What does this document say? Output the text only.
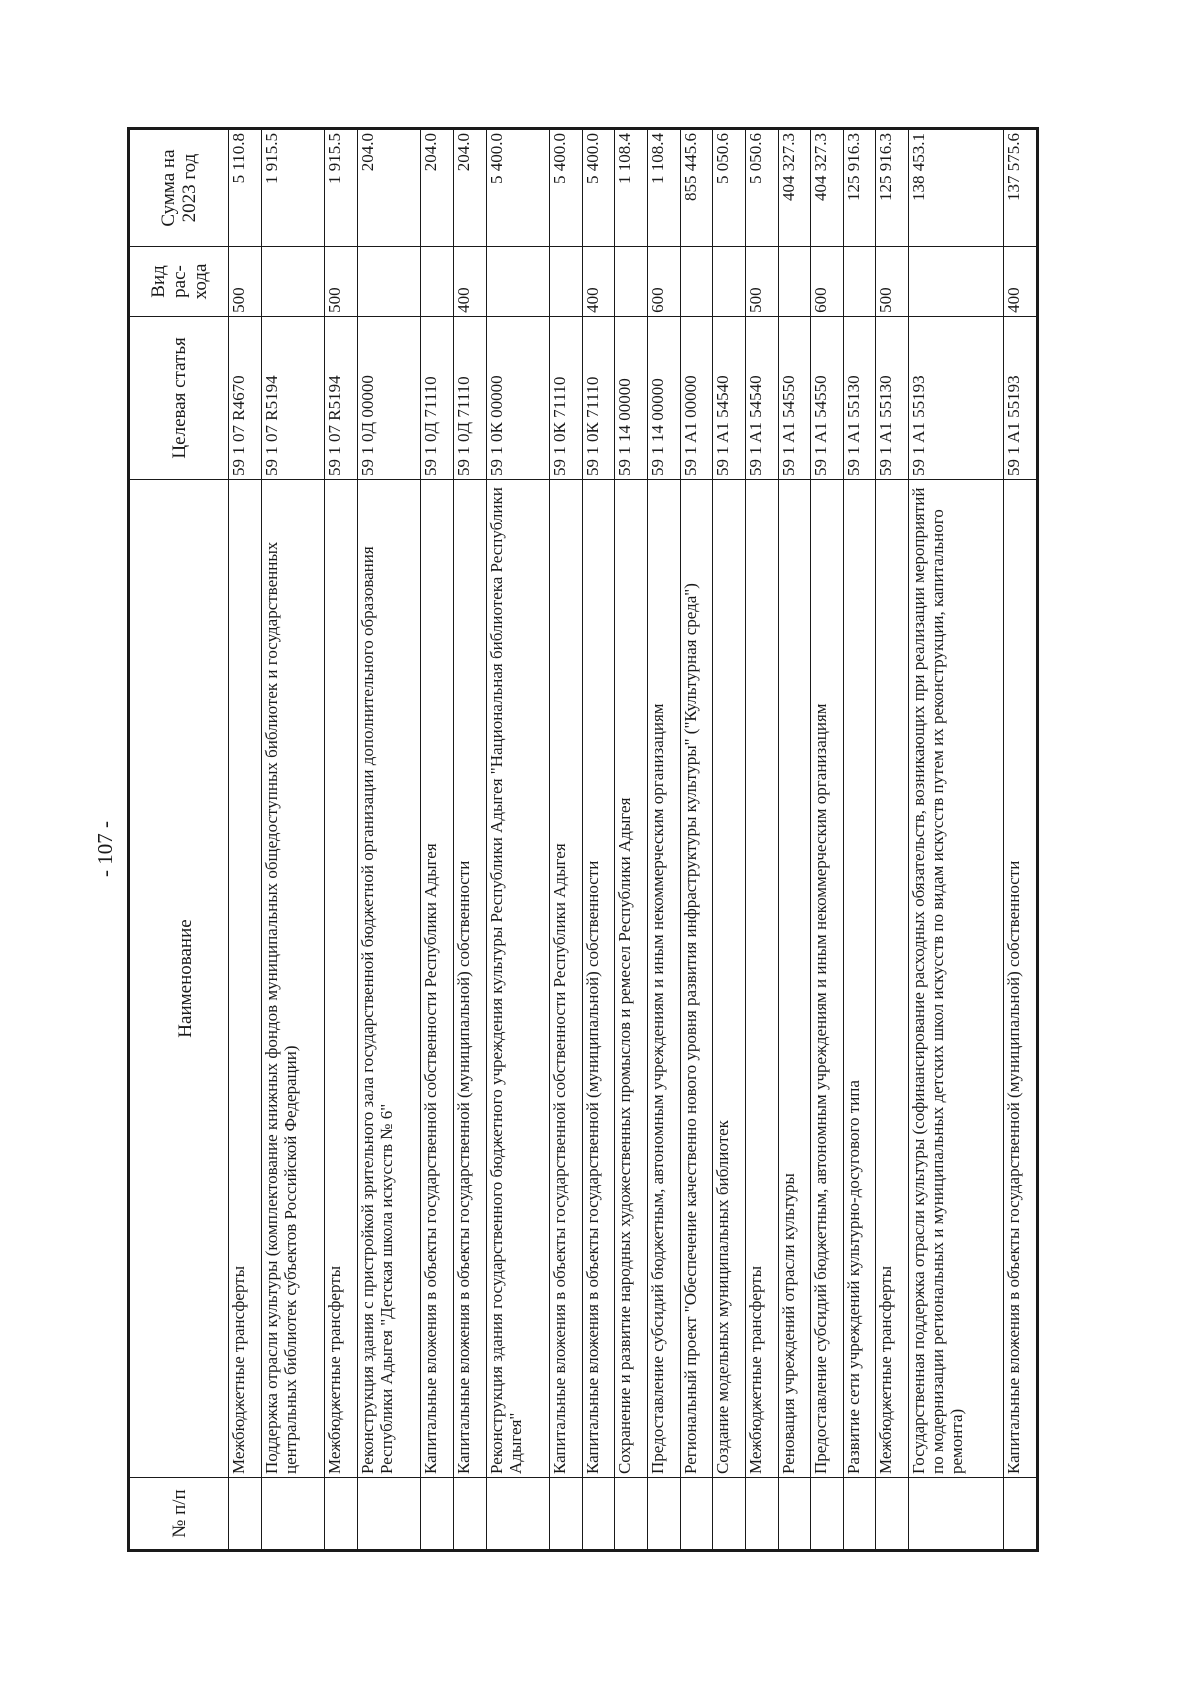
- 107 -
№ п/п	Наименование	Целевая статья	Вид рас-хода	Сумма на 2023 год
	Межбюджетные трансферты	59 1 07 R4670	500	5 110.8
	Поддержка отрасли культуры (комплектование книжных фондов муниципальных общедоступных библиотек и государственных центральных библиотек субъектов Российской Федерации)	59 1 07 R5194		1 915.5
	Межбюджетные трансферты	59 1 07 R5194	500	1 915.5
	Реконструкция здания с пристройкой зрительного зала государственной бюджетной организации дополнительного образования Республики Адыгея "Детская школа искусств № 6"	59 1 0Д 00000		204.0
	Капитальные вложения в объекты государственной собственности Республики Адыгея	59 1 0Д 71110		204.0
	Капитальные вложения в объекты государственной (муниципальной) собственности	59 1 0Д 71110	400	204.0
	Реконструкция здания государственного бюджетного учреждения культуры Республики Адыгея "Национальная библиотека Республики Адыгея"	59 1 0К 00000		5 400.0
	Капитальные вложения в объекты государственной собственности Республики Адыгея	59 1 0К 71110		5 400.0
	Капитальные вложения в объекты государственной (муниципальной) собственности	59 1 0К 71110	400	5 400.0
	Сохранение и развитие народных художественных промыслов и ремесел Республики Адыгея	59 1 14 00000		1 108.4
	Предоставление субсидий бюджетным, автономным учреждениям и иным некоммерческим организациям	59 1 14 00000	600	1 108.4
	Региональный проект "Обеспечение качественно нового уровня развития инфраструктуры культуры" ("Культурная среда")	59 1 A1 00000		855 445.6
	Создание модельных муниципальных библиотек	59 1 A1 54540		5 050.6
	Межбюджетные трансферты	59 1 A1 54540	500	5 050.6
	Реновация учреждений отрасли культуры	59 1 A1 54550		404 327.3
	Предоставление субсидий бюджетным, автономным учреждениям и иным некоммерческим организациям	59 1 A1 54550	600	404 327.3
	Развитие сети учреждений культурно-досугового типа	59 1 A1 55130		125 916.3
	Межбюджетные трансферты	59 1 A1 55130	500	125 916.3
	Государственная поддержка отрасли культуры (софинансирование расходных обязательств, возникающих при реализации мероприятий по модернизации региональных и муниципальных детских школ искусств по видам искусств путем их реконструкции, капитального ремонта)	59 1 A1 55193		138 453.1
	Капитальные вложения в объекты государственной (муниципальной) собственности	59 1 A1 55193	400	137 575.6
